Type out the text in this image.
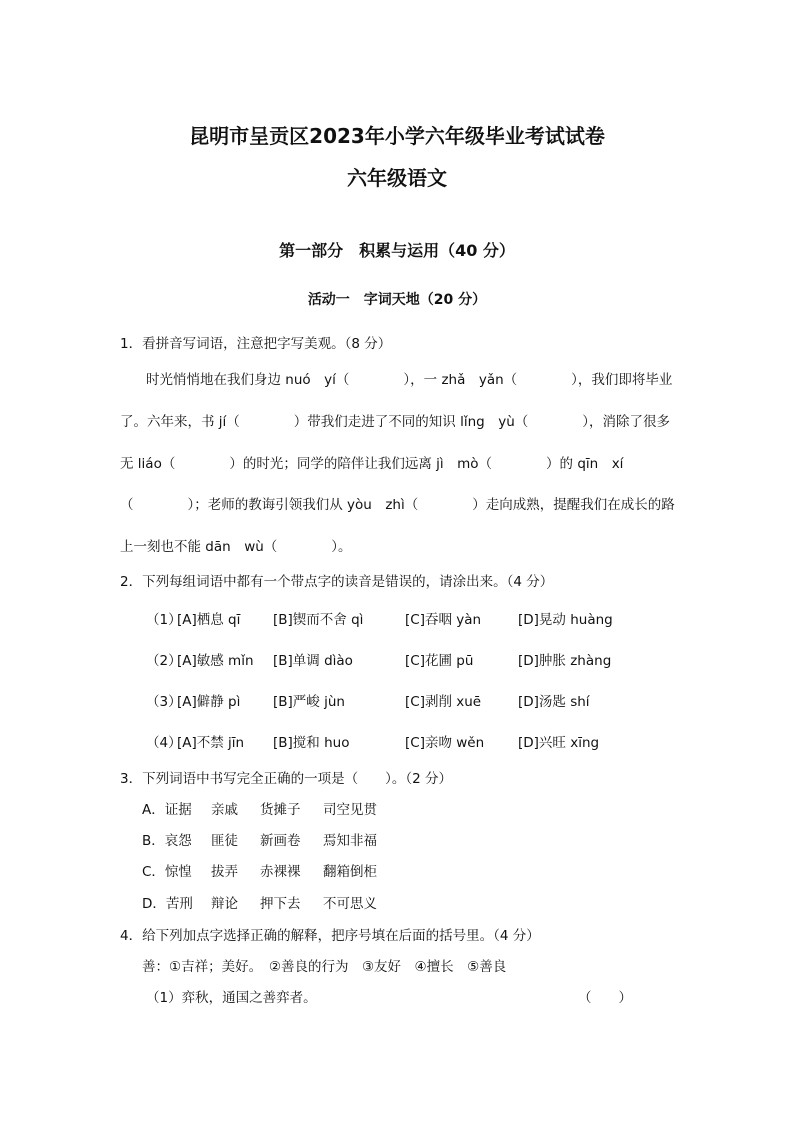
昆明市呈贡区2023年小学六年级毕业考试试卷
六年级语文
第一部分　积累与运用（40 分）
活动一　字词天地（20 分）
1．看拼音写词语，注意把字写美观。（8 分）
时光悄悄地在我们身边 nuó　yí（　　　　），一 zhǎ　yǎn（　　　　），我们即将毕业
了。六年来，书 jí（　　　　）带我们走进了不同的知识 lǐng　yù（　　　　），消除了很多
无 liáo（　　　　）的时光；同学的陪伴让我们远离 jì　mò（　　　　）的 qīn　xí
（　　　　）；老师的教诲引领我们从 yòu　zhì（　　　　）走向成熟，提醒我们在成长的路
上一刻也不能 dān　wù（　　　　）。
2．下列每组词语中都有一个带点字的读音是错误的，请涂出来。（4 分）
（1）
[A]栖息 qī [B]锲而不舍 qì	[C]吞咽 yàn	[D]晃动 huàng
（2）
[A]敏感 mǐn [B]单调 dìào	[C]花圃 pū	[D]肿胀 zhàng
（3）
[A]僻静 pì [B]严峻 jùn	[C]剥削 xuē	[D]汤匙 shí
（4）
[A]不禁 jīn [B]搅和 huo	[C]亲吻 wěn	[D]兴旺 xīng
3．下列词语中书写完全正确的一项是（　　）。（2 分）
A．证据 亲戚 货摊子 司空见贯
B．哀怨 匪徒 新画卷 焉知非福
C．惊惶 拔弄 赤裸裸 翻箱倒柜
D．苦刑 辩论 押下去 不可思义
4．给下列加点字选择正确的解释，把序号填在后面的括号里。（4 分）
善：①吉祥；美好。　②善良的行为　③友好　④擅长　⑤善良
（1）弈秋，通国之善弈者。	（　　）
